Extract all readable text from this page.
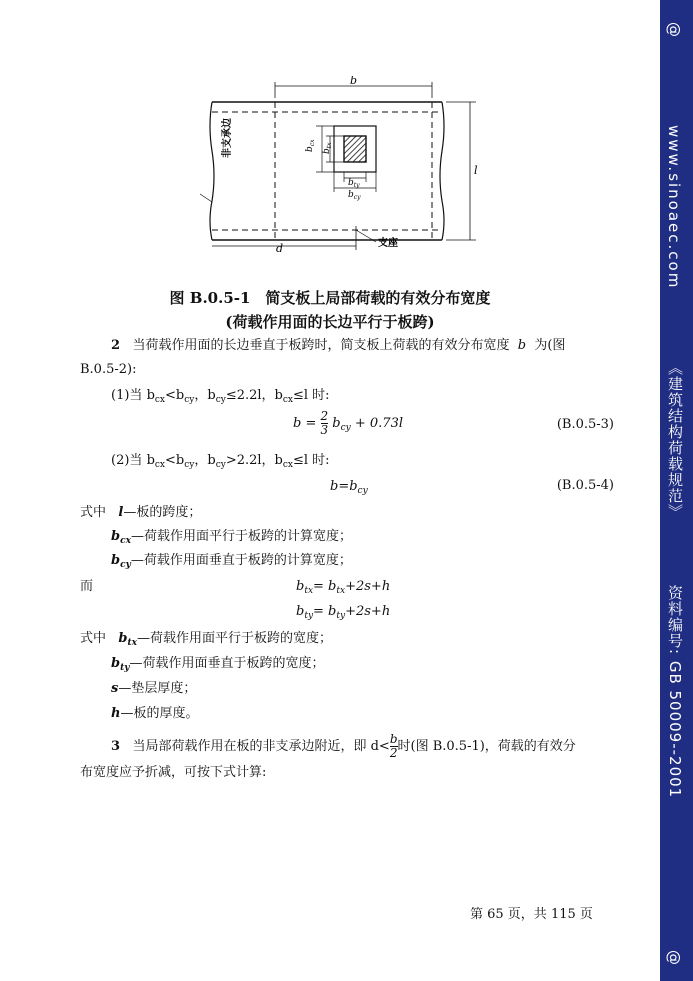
b
l
d
$b_{cx}$
$b_{tx}$
$b_{ty}$
$b_{cy}$
非支承边
支座
图 B.0.5-1　简支板上局部荷载的有效分布宽度
(荷载作用面的长边平行于板跨)
2 当荷载作用面的长边垂直于板跨时，简支板上荷载的有效分布宽度 b 为(图
B.0.5-2):
(1)当 $b_{cx}<b_{cy}$，$b_{cy}\le 2.2l$，$b_{cx}\le l$ 时:
$b = \frac{2}{3} b_{cy} + 0.73l$	(B.0.5-3)
(2)当 $b_{cx}<b_{cy}$，$b_{cy}>2.2l$，$b_{cx}\le l$ 时:
$b=b_{cy}$	(B.0.5-4)
式中 l—板的跨度；
$b_{cx}—$荷载作用面平行于板跨的计算宽度；
$b_{cy}—$荷载作用面垂直于板跨的计算宽度；
而	$b_{tx}= b_{tx}+2s+h$
$b_{ty}= b_{ty}+2s+h$
式中 $b_{tx}—$荷载作用面平行于板跨的宽度；
$b_{ty}—$荷载作用面垂直于板跨的宽度；
s—垫层厚度；
h—板的厚度。
3 当局部荷载作用在板的非支承边附近，即 $d<\frac{b}{2}$ 时(图 B.0.5-1)，荷载的有效分
布宽度应予折减，可按下式计算:
第 65 页，共 115 页
@
www.sinoaec.com
《建筑结构荷载规范》
资料编号: GB 50009--2001
@
